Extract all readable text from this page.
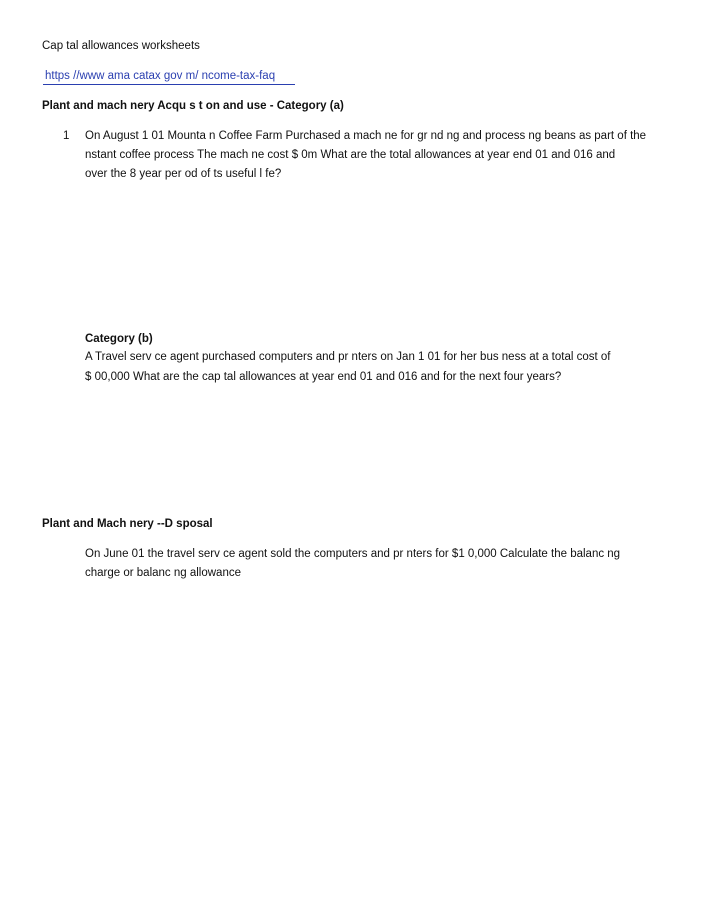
Cap tal allowances worksheets
https //www ama catax gov m/ ncome-tax-faq
Plant and mach nery Acqu s t on and use - Category (a)
1 On August 1 01 Mounta n Coffee Farm Purchased a mach ne for gr nd ng and process ng beans as part of the
nstant coffee process The mach ne cost $ 0m What are the total allowances at year end 01 and 016 and
over the 8 year per od of ts useful l fe?
Category (b)
A Travel serv ce agent purchased computers and pr nters on Jan 1 01 for her bus ness at a total cost of
$ 00,000 What are the cap tal allowances at year end 01 and 016 and for the next four years?
Plant and Mach nery --D sposal
On June 01 the travel serv ce agent sold the computers and pr nters for $1 0,000 Calculate the balanc ng
charge or balanc ng allowance
